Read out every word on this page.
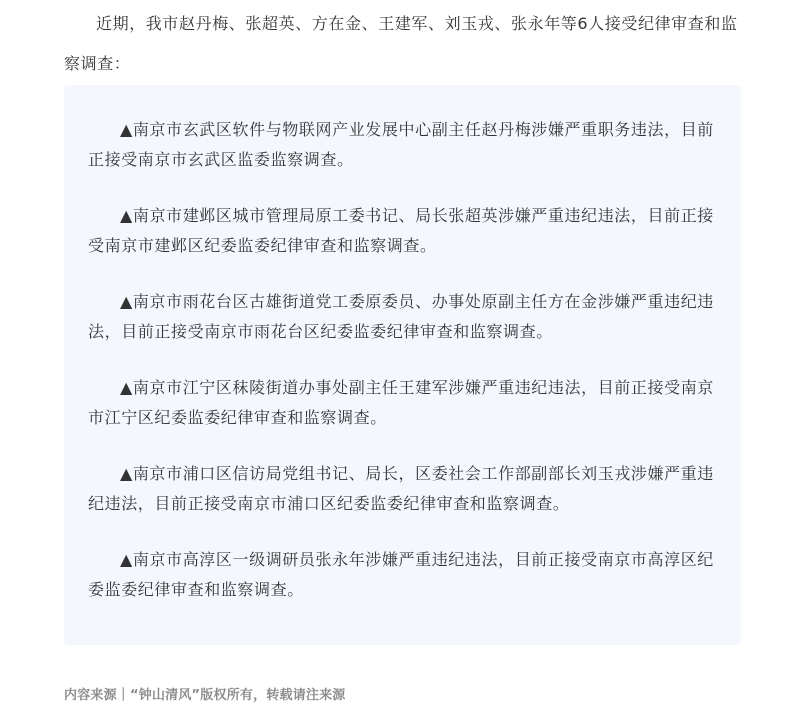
近期，我市赵丹梅、张超英、方在金、王建军、刘玉戎、张永年等6人接受纪律审查和监察调查：

▲南京市玄武区软件与物联网产业发展中心副主任赵丹梅涉嫌严重职务违法，目前正接受南京市玄武区监委监察调查。

▲南京市建邺区城市管理局原工委书记、局长张超英涉嫌严重违纪违法，目前正接受南京市建邺区纪委监委纪律审查和监察调查。

▲南京市雨花台区古雄街道党工委原委员、办事处原副主任方在金涉嫌严重违纪违法，目前正接受南京市雨花台区纪委监委纪律审查和监察调查。

▲南京市江宁区秣陵街道办事处副主任王建军涉嫌严重违纪违法，目前正接受南京市江宁区纪委监委纪律审查和监察调查。

▲南京市浦口区信访局党组书记、局长，区委社会工作部副部长刘玉戎涉嫌严重违纪违法，目前正接受南京市浦口区纪委监委纪律审查和监察调查。

▲南京市高淳区一级调研员张永年涉嫌严重违纪违法，目前正接受南京市高淳区纪委监委纪律审查和监察调查。

内容来源｜“钟山清风”版权所有，转载请注来源
